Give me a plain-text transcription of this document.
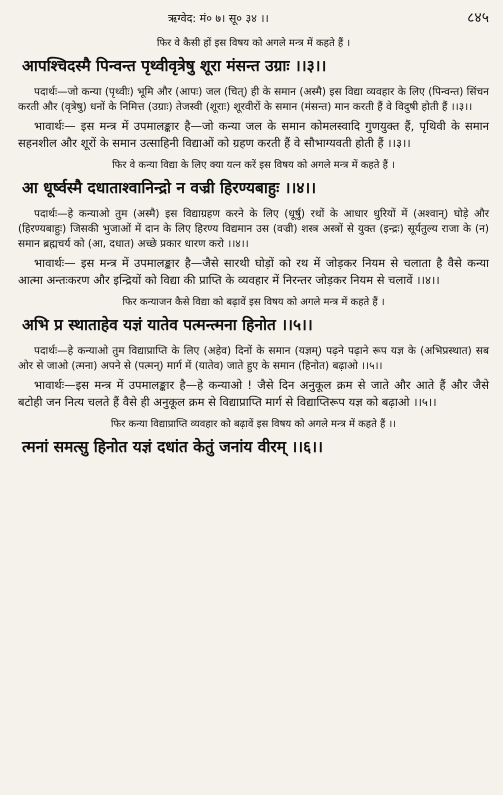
ऋग्वेद: मं० ७। सू० ३४ ।।	८४५

फिर वे कैसी हों इस विषय को अगले मन्त्र में कहते हैं ।

आपश्चिदस्मै पिन्वन्त पृथ्वीवृत्रेषु शूरा मंसन्त उग्राः ।।३।।

पदार्थः—जो कन्या (पृथ्वीः) भूमि और (आपः) जल (चित्) ही के समान (अस्मै) इस विद्या व्यवहार के लिए (पिन्वन्त) सिंचन करती और (वृत्रेषु) धनों के निमित्त (उग्राः) तेजस्वी (शूराः) शूरवीरों के समान (मंसन्त) मान करती हैं वे विदुषी होती हैं ।।३।।

भावार्थः— इस मन्त्र में उपमालङ्कार है—जो कन्या जल के समान कोमलस्वादि गुणयुक्त हैं, पृथिवी के समान सहनशील और शूरों के समान उत्साहिनी विद्याओं को ग्रहण करती हैं वे सौभाग्यवती होती हैं ।।३।।

फिर वे कन्या विद्या के लिए क्या यत्न करें इस विषय को अगले मन्त्र में कहते हैं ।

आ धूर्ष्वस्मै दधाताश्वानिन्द्रो न वज्री हिरण्यबाहुः ।।४।।

पदार्थः—हे कन्याओ तुम (अस्मै) इस विद्याग्रहण करने के लिए (धूर्षु) रथों के आधार धुरियों में (अश्वान्) घोड़े और (हिरण्यबाहुः) जिसकी भुजाओं में दान के लिए हिरण्य विद्यमान उस (वज्री) शस्त्र अस्त्रों से युक्त (इन्द्रः) सूर्यतुल्य राजा के (न) समान ब्रह्मचर्य को (आ, दधात) अच्छे प्रकार धारण करो ।।४।।

भावार्थः— इस मन्त्र में उपमालङ्कार है—जैसे सारथी घोड़ों को रथ में जोड़कर नियम से चलाता है वैसे कन्या आत्मा अन्तःकरण और इन्द्रियों को विद्या की प्राप्ति के व्यवहार में निरन्तर जोड़कर नियम से चलावें ।।४।।

फिर कन्याजन कैसे विद्या को बढ़ावें इस विषय को अगले मन्त्र में कहते हैं ।

अभि प्र स्थाताहेव यज्ञं यातेव पत्मन्त्मना हिनोत ।।५।।

पदार्थः—हे कन्याओ तुम विद्याप्राप्ति के लिए (अहेव) दिनों के समान (यज्ञम्) पढ़ने पढ़ाने रूप यज्ञ के (अभिप्रस्थात) सब ओर से जाओ (त्मना) अपने से (पत्मन्) मार्ग में (यातेव) जाते हुए के समान (हिनोत) बढ़ाओ ।।५।।

भावार्थः—इस मन्त्र में उपमालङ्कार है—हे कन्याओ ! जैसे दिन अनुकूल क्रम से जाते और आते हैं और जैसे बटोही जन नित्य चलते हैं वैसे ही अनुकूल क्रम से विद्याप्राप्ति मार्ग से विद्याप्तिरूप यज्ञ को बढ़ाओ ।।५।।

फिर कन्या विद्याप्राप्ति व्यवहार को बढ़ावें इस विषय को अगले मन्त्र में कहते हैं ।।

त्मनां समत्सु हिनोत यज्ञं दधांत केतुं जनांय वीरम् ।।६।।
